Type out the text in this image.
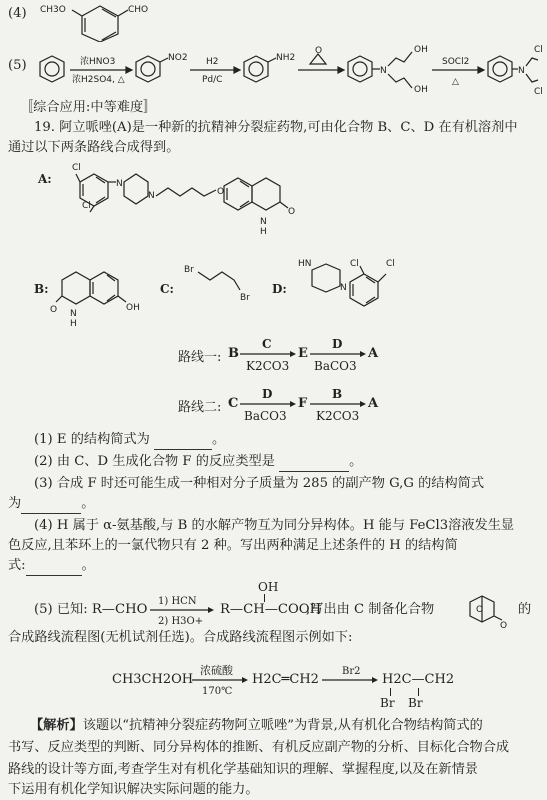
(4)	CHO
CH3O
(5)	浓HNO3
浓H2SO4, △
NO2 H2
Pd/C
NH2
O
N
OH
OH
SOCl2
△
N
Cl
Cl
〚综合应用:中等难度〛
19. 阿立哌唑(A)是一种新的抗精神分裂症药物,可由化合物 B、C、D 在有机溶剂中
通过以下两条路线合成得到。
A:
Cl
Cl
N
N	O
O
N
H
B:
OH
O N
H
C:
Br
Br
D:
HN
N
Cl	Cl
路线一: B
C
K2CO3
E
D
BaCO3
A
路线二: C
D
BaCO3
F
B
K2CO3
A
(1) E 的结构简式为	。
(2) 由 C、D 生成化合物 F 的反应类型是	。
(3) 合成 F 时还可能生成一种相对分子质量为 285 的副产物 G,G 的结构简式
为	。
(4) H 属于 α-氨基酸,与 B 的水解产物互为同分异构体。H 能与 FeCl3溶液发生显
色反应,且苯环上的一氯代物只有 2 种。写出两种满足上述条件的 H 的结构简
式:	。
(5) 已知: R—CHO
1) HCN
2) H3O+
OH
R—CH—COOH
,写出由 C 制备化合物	O
O
的
合成路线流程图(无机试剂任选)。合成路线流程图示例如下:
CH3CH2OH
浓硫酸
170℃
H2C═CH2
Br2
H2C—CH2
Br Br
【解析】该题以“抗精神分裂症药物阿立哌唑”为背景,从有机化合物结构简式的
书写、反应类型的判断、同分异构体的推断、有机反应副产物的分析、目标化合物合成
路线的设计等方面,考查学生对有机化学基础知识的理解、掌握程度,以及在新情景
下运用有机化学知识解决实际问题的能力。
